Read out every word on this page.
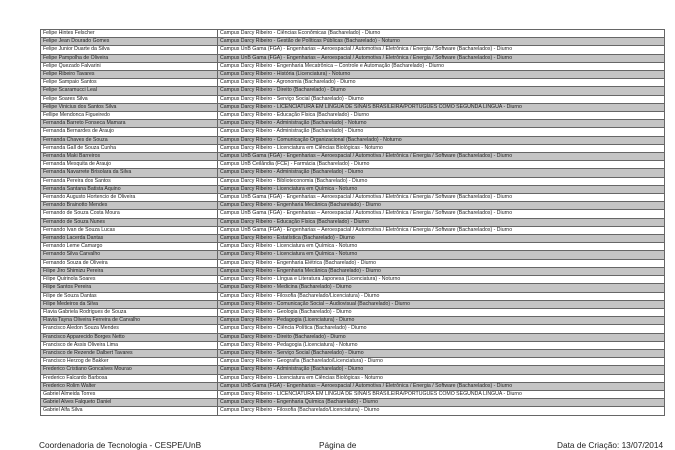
Felipe Hintes Felscher	Campus Darcy Ribeiro - Ciências Econômicas (Bacharelado) - Diurno
Felipe Jean Dourado Gomes	Campus Darcy Ribeiro - Gestão de Políticas Públicas (Bacharelado) - Noturno
Felipe Junior Duarte da Silva	Campus UnB Gama (FGA) - Engenharias – Aeroespacial / Automotiva / Eletrônica / Energia / Software (Bacharelados) - Diurno
Felipe Pampolha de Oliveira	Campus UnB Gama (FGA) - Engenharias – Aeroespacial / Automotiva / Eletrônica / Energia / Software (Bacharelados) - Diurno
Felipe Quezado Falvarini	Campus Darcy Ribeiro - Engenharia Mecatrônica – Controle e Automação (Bacharelado) - Diurno
Felipe Ribeiro Tavares	Campus Darcy Ribeiro - História (Licenciatura) - Noturno
Felipe Sampaio Santos	Campus Darcy Ribeiro - Agronomia (Bacharelado) - Diurno
Felipe Scaramucci Leal	Campus Darcy Ribeiro - Direito (Bacharelado) - Diurno
Felipe Soares Silva	Campus Darcy Ribeiro - Serviço Social (Bacharelado) - Diurno
Felipe Vinicius dos Santos Silva	Campus Darcy Ribeiro - LICENCIATURA EM LÍNGUA DE SINAIS BRASILEIRA/PORTUGUÊS COMO SEGUNDA LÍNGUA - Diurno
Fellipe Mendonca Figueiredo	Campus Darcy Ribeiro - Educação Física (Bacharelado) - Diurno
Fernanda Barreto Fonseca Mamara	Campus Darcy Ribeiro - Administração (Bacharelado) - Noturno
Fernanda Bernardes de Araujo	Campus Darcy Ribeiro - Administração (Bacharelado) - Diurno
Fernanda Chaves de Souza	Campus Darcy Ribeiro - Comunicação Organizacional (Bacharelado) - Noturno
Fernanda Gall de Souza Cunha	Campus Darcy Ribeiro - Licenciatura em Ciências Biológicas - Noturno
Fernanda Maki Barreiros	Campus UnB Gama (FGA) - Engenharias – Aeroespacial / Automotiva / Eletrônica / Energia / Software (Bacharelados) - Diurno
Fernanda Mesquita de Araujo	Campus UnB Ceilândia (FCE) - Farmácia (Bacharelado) - Diurno
Fernanda Navarrete Brisolara da Silva	Campus Darcy Ribeiro - Administração (Bacharelado) - Diurno
Fernanda Pereira dos Santos	Campus Darcy Ribeiro - Biblioteconomia (Bacharelado) - Diurno
Fernanda Santana Batista Aquino	Campus Darcy Ribeiro - Licenciatura em Química - Noturno
Fernando Augusto Hortencio de Oliveira	Campus UnB Gama (FGA) - Engenharias – Aeroespacial / Automotiva / Eletrônica / Energia / Software (Bacharelados) - Diurno
Fernando Brainotto Mendes	Campus Darcy Ribeiro - Engenharia Mecânica (Bacharelado) - Diurno
Fernando de Souza Costa Moura	Campus UnB Gama (FGA) - Engenharias – Aeroespacial / Automotiva / Eletrônica / Energia / Software (Bacharelados) - Diurno
Fernando de Souza Nunes	Campus Darcy Ribeiro - Educação Física (Bacharelado) - Diurno
Fernando Ivan de Souza Lucas	Campus UnB Gama (FGA) - Engenharias – Aeroespacial / Automotiva / Eletrônica / Energia / Software (Bacharelados) - Diurno
Fernando Lacerda Dantas	Campus Darcy Ribeiro - Estatística (Bacharelado) - Diurno
Fernando Leme Camargo	Campus Darcy Ribeiro - Licenciatura em Química - Noturno
Fernando Silva Carvalho	Campus Darcy Ribeiro - Licenciatura em Química - Noturno
Fernando Souza de Oliveira	Campus Darcy Ribeiro - Engenharia Elétrica (Bacharelado) - Diurno
Filipe Jiro Shimizu Pereira	Campus Darcy Ribeiro - Engenharia Mecânica (Bacharelado) - Diurno
Filipe Quirinola Soares	Campus Darcy Ribeiro - Língua e Literatura Japonesa (Licenciatura) - Noturno
Filipe Santos Pereira	Campus Darcy Ribeiro - Medicina (Bacharelado) - Diurno
Filipe de Souza Dantas	Campus Darcy Ribeiro - Filosofia (Bacharelado/Licenciatura) - Diurno
Filipe Medeiros da Silva	Campus Darcy Ribeiro - Comunicação Social – Audiovisual (Bacharelado) - Diurno
Flavia Gabriela Rodrigues de Souza	Campus Darcy Ribeiro - Geologia (Bacharelado) - Diurno
Flavia Tayna Oliveira Ferreira de Carvalho	Campus Darcy Ribeiro - Pedagogia (Licenciatura) - Diurno
Francisco Aledon Souza Mendes	Campus Darcy Ribeiro - Ciência Política (Bacharelado) - Diurno
Francisco Apparecido Borges Netto	Campus Darcy Ribeiro - Direito (Bacharelado) - Diurno
Francisco de Assis Oliveira Lima	Campus Darcy Ribeiro - Pedagogia (Licenciatura) - Noturno
Francisco de Rezende Dalbert Tavares	Campus Darcy Ribeiro - Serviço Social (Bacharelado) - Diurno
Francisco Herzog de Bakker	Campus Darcy Ribeiro - Geografia (Bacharelado/Licenciatura) - Diurno
Frederico Cristiano Goncalves Mourao	Campus Darcy Ribeiro - Administração (Bacharelado) - Diurno
Frederico Falcardo Barbosa	Campus Darcy Ribeiro - Licenciatura em Ciências Biológicas - Noturno
Frederico Rolim Walter	Campus UnB Gama (FGA) - Engenharias – Aeroespacial / Automotiva / Eletrônica / Energia / Software (Bacharelados) - Diurno
Gabriel Almeida Torres	Campus Darcy Ribeiro - LICENCIATURA EM LÍNGUA DE SINAIS BRASILEIRA/PORTUGUÊS COMO SEGUNDA LÍNGUA - Diurno
Gabriel Alves Falqueto Daniel	Campus Darcy Ribeiro - Engenharia Química (Bacharelado) - Diurno
Gabriel Alfa Silva	Campus Darcy Ribeiro - Filosofia (Bacharelado/Licenciatura) - Diurno
Coordenadoria de Tecnologia - CESPE/UnB	Página de	Data de Criação: 13/07/2014
